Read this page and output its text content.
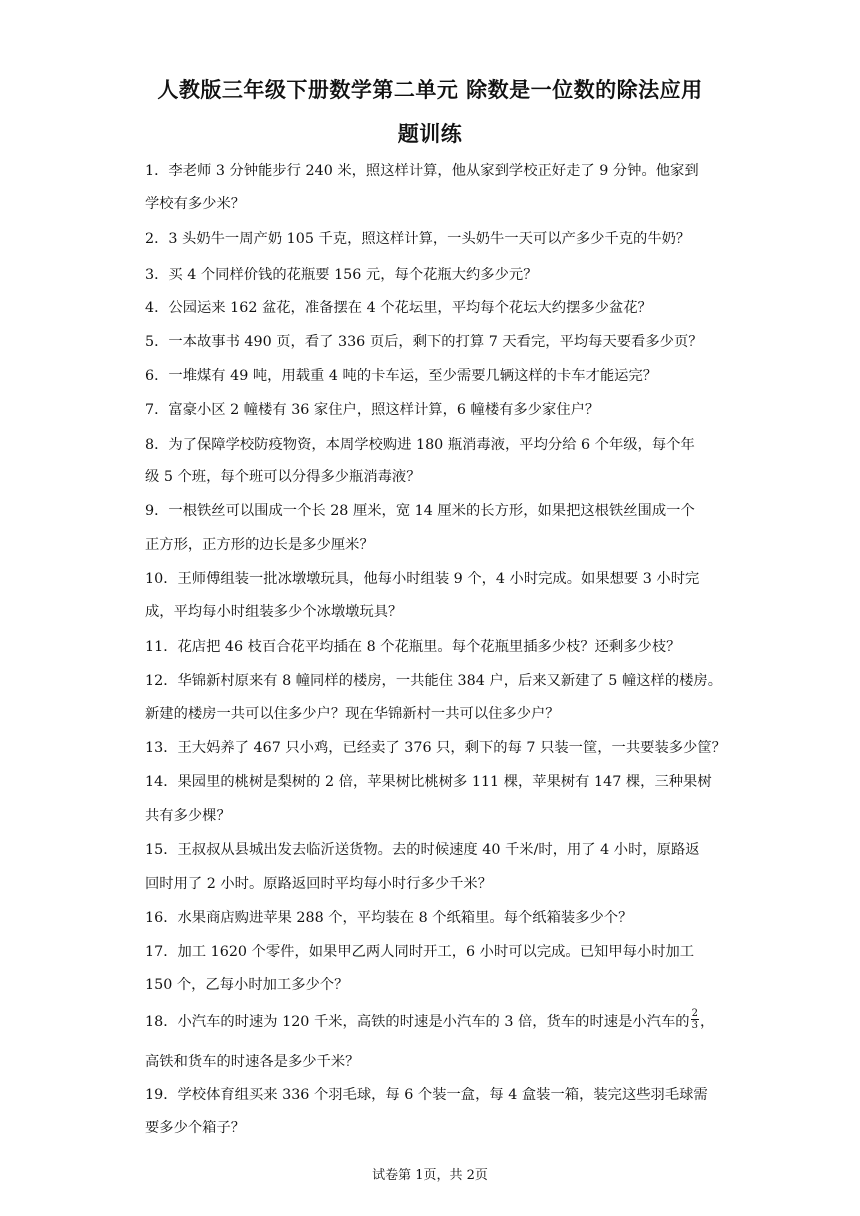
人教版三年级下册数学第二单元 除数是一位数的除法应用
题训练
1．李老师 3 分钟能步行 240 米，照这样计算，他从家到学校正好走了 9 分钟。他家到
学校有多少米？
2．3 头奶牛一周产奶 105 千克，照这样计算，一头奶牛一天可以产多少千克的牛奶？
3．买 4 个同样价钱的花瓶要 156 元，每个花瓶大约多少元？
4．公园运来 162 盆花，准备摆在 4 个花坛里，平均每个花坛大约摆多少盆花？
5．一本故事书 490 页，看了 336 页后，剩下的打算 7 天看完，平均每天要看多少页？
6．一堆煤有 49 吨，用载重 4 吨的卡车运，至少需要几辆这样的卡车才能运完？
7．富豪小区 2 幢楼有 36 家住户，照这样计算，6 幢楼有多少家住户？
8．为了保障学校防疫物资，本周学校购进 180 瓶消毒液，平均分给 6 个年级，每个年
级 5 个班，每个班可以分得多少瓶消毒液？
9．一根铁丝可以围成一个长 28 厘米，宽 14 厘米的长方形，如果把这根铁丝围成一个
正方形，正方形的边长是多少厘米？
10．王师傅组装一批冰墩墩玩具，他每小时组装 9 个，4 小时完成。如果想要 3 小时完
成，平均每小时组装多少个冰墩墩玩具？
11．花店把 46 枝百合花平均插在 8 个花瓶里。每个花瓶里插多少枝？还剩多少枝？
12．华锦新村原来有 8 幢同样的楼房，一共能住 384 户，后来又新建了 5 幢这样的楼房。
新建的楼房一共可以住多少户？现在华锦新村一共可以住多少户？
13．王大妈养了 467 只小鸡，已经卖了 376 只，剩下的每 7 只装一筐，一共要装多少筐？
14．果园里的桃树是梨树的 2 倍，苹果树比桃树多 111 棵，苹果树有 147 棵，三种果树
共有多少棵？
15．王叔叔从县城出发去临沂送货物。去的时候速度 40 千米/时，用了 4 小时，原路返
回时用了 2 小时。原路返回时平均每小时行多少千米？
16．水果商店购进苹果 288 个，平均装在 8 个纸箱里。每个纸箱装多少个？
17．加工 1620 个零件，如果甲乙两人同时开工，6 小时可以完成。已知甲每小时加工
150 个，乙每小时加工多少个？
18．小汽车的时速为 120 千米，高铁的时速是小汽车的 3 倍，货车的时速是小汽车的 $\frac{2}{3}$ ，
高铁和货车的时速各是多少千米？
19．学校体育组买来 336 个羽毛球，每 6 个装一盒，每 4 盒装一箱，装完这些羽毛球需
要多少个箱子？
试卷第 1页，共 2页
